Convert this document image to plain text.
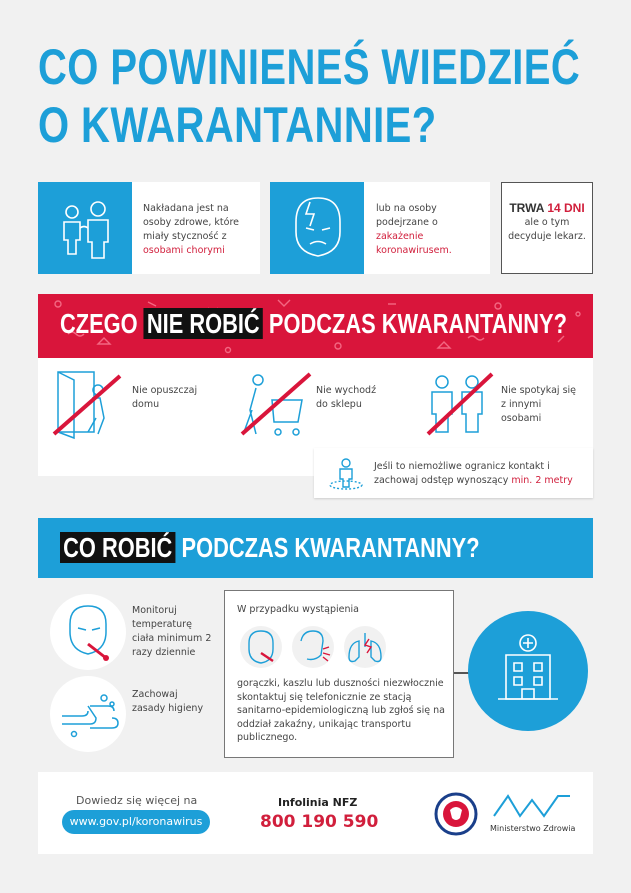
CO POWINIENEŚ WIEDZIEĆ
O KWARANTANNIE?
Nakładana jest na osoby zdrowe, które miały styczność z osobami chorymi
lub na osoby podejrzane o zakażenie koronawirusem.
TRWA 14 DNI
ale o tym decyduje lekarz.
CZEGO NIE ROBIĆ PODCZAS KWARANTANNY?
Nie opuszczaj domu
Nie wychodź do sklepu
Nie spotykaj się z innymi osobami
Jeśli to niemożliwe ogranicz kontakt i zachowaj odstęp wynoszący min. 2 metry
CO ROBIĆ PODCZAS KWARANTANNY?
Monitoruj temperaturę ciała minimum 2 razy dziennie
Zachowaj zasady higieny
W przypadku wystąpienia
gorączki, kaszlu lub duszności niezwłocznie skontaktuj się telefonicznie ze stacją sanitarno-epidemiologiczną lub zgłoś się na oddział zakaźny, unikając transportu publicznego.
Dowiedz się więcej na
www.gov.pl/koronawirus
Infolinia NFZ
800 190 590	Ministerstwo Zdrowia
